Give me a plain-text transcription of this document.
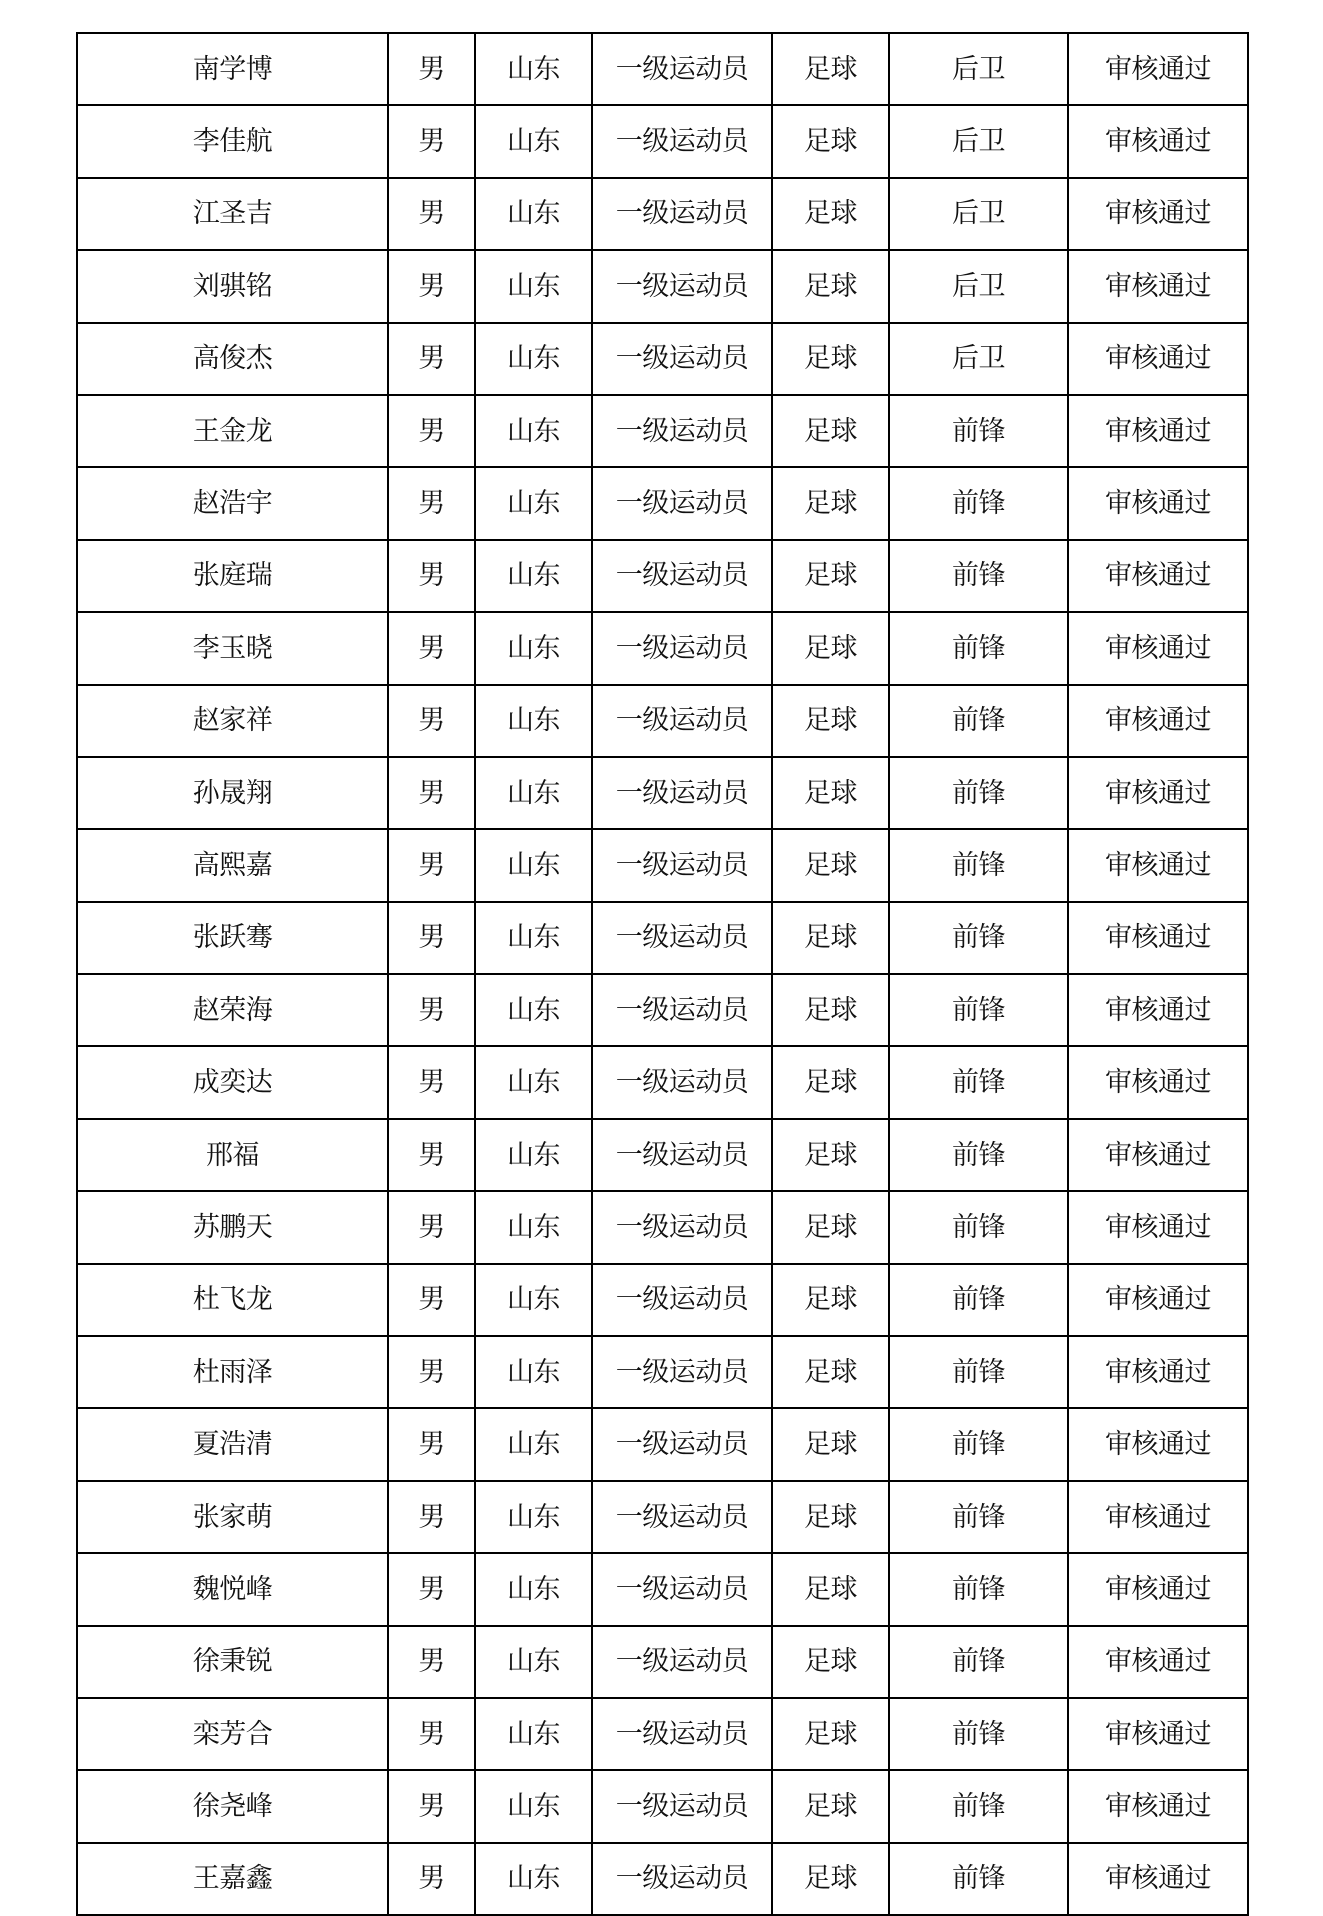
南学博	男	山东	一级运动员	足球	后卫	审核通过
李佳航	男	山东	一级运动员	足球	后卫	审核通过
江圣吉	男	山东	一级运动员	足球	后卫	审核通过
刘骐铭	男	山东	一级运动员	足球	后卫	审核通过
高俊杰	男	山东	一级运动员	足球	后卫	审核通过
王金龙	男	山东	一级运动员	足球	前锋	审核通过
赵浩宇	男	山东	一级运动员	足球	前锋	审核通过
张庭瑞	男	山东	一级运动员	足球	前锋	审核通过
李玉晓	男	山东	一级运动员	足球	前锋	审核通过
赵家祥	男	山东	一级运动员	足球	前锋	审核通过
孙晟翔	男	山东	一级运动员	足球	前锋	审核通过
高熙嘉	男	山东	一级运动员	足球	前锋	审核通过
张跃骞	男	山东	一级运动员	足球	前锋	审核通过
赵荣海	男	山东	一级运动员	足球	前锋	审核通过
成奕达	男	山东	一级运动员	足球	前锋	审核通过
邢福	男	山东	一级运动员	足球	前锋	审核通过
苏鹏天	男	山东	一级运动员	足球	前锋	审核通过
杜飞龙	男	山东	一级运动员	足球	前锋	审核通过
杜雨泽	男	山东	一级运动员	足球	前锋	审核通过
夏浩清	男	山东	一级运动员	足球	前锋	审核通过
张家萌	男	山东	一级运动员	足球	前锋	审核通过
魏悦峰	男	山东	一级运动员	足球	前锋	审核通过
徐秉锐	男	山东	一级运动员	足球	前锋	审核通过
栾芳合	男	山东	一级运动员	足球	前锋	审核通过
徐尧峰	男	山东	一级运动员	足球	前锋	审核通过
王嘉鑫	男	山东	一级运动员	足球	前锋	审核通过
